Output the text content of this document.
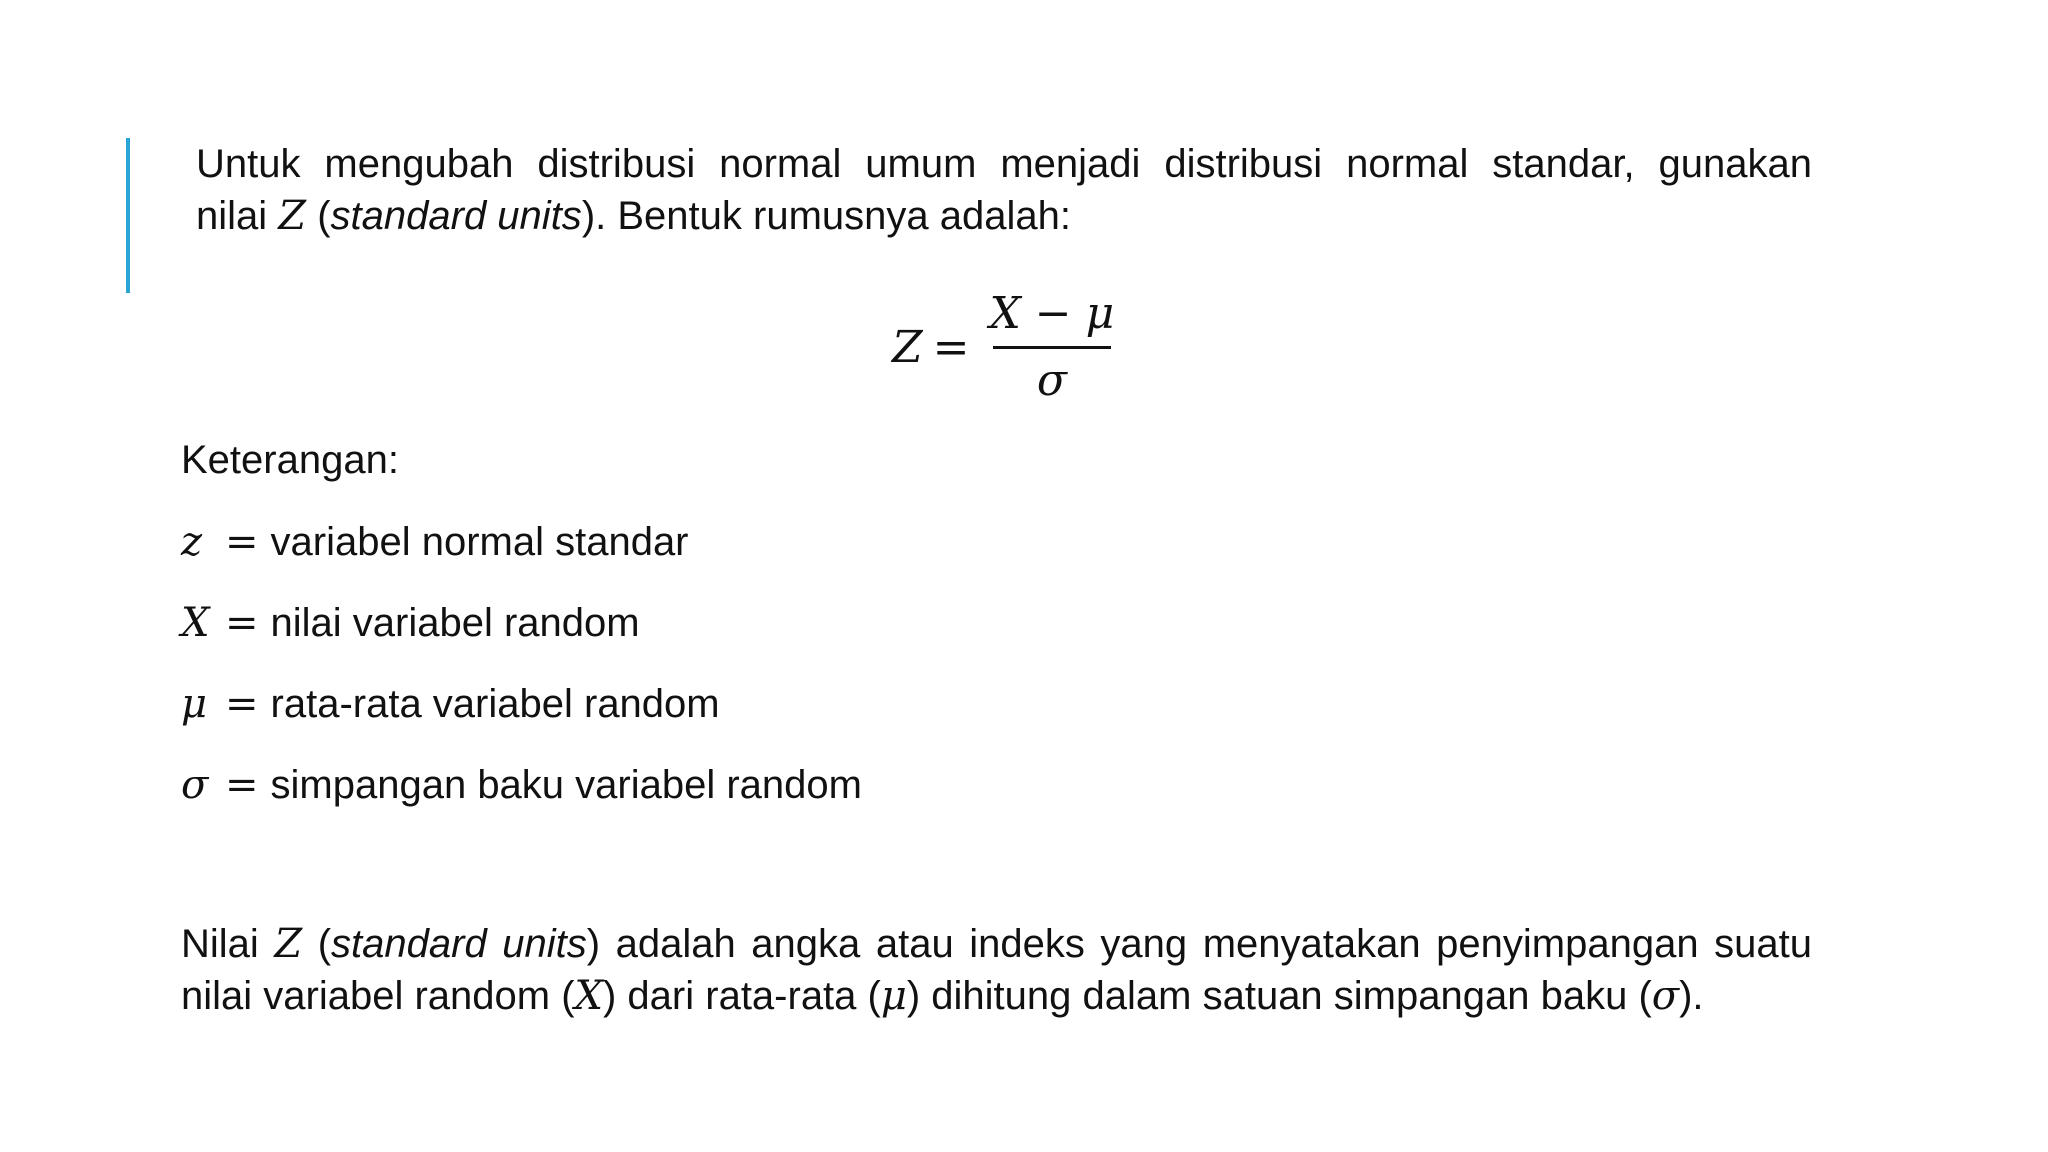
Untuk mengubah distribusi normal umum menjadi distribusi normal standar, gunakan
nilai Z (standard units). Bentuk rumusnya adalah:
$Z = \frac{X - \mu}{\sigma}$
Keterangan:
z = variabel normal standar
X = nilai variabel random
μ = rata-rata variabel random
σ = simpangan baku variabel random
Nilai Z (standard units) adalah angka atau indeks yang menyatakan penyimpangan suatu nilai variabel random (X) dari rata-rata (μ) dihitung dalam satuan simpangan baku (σ).
